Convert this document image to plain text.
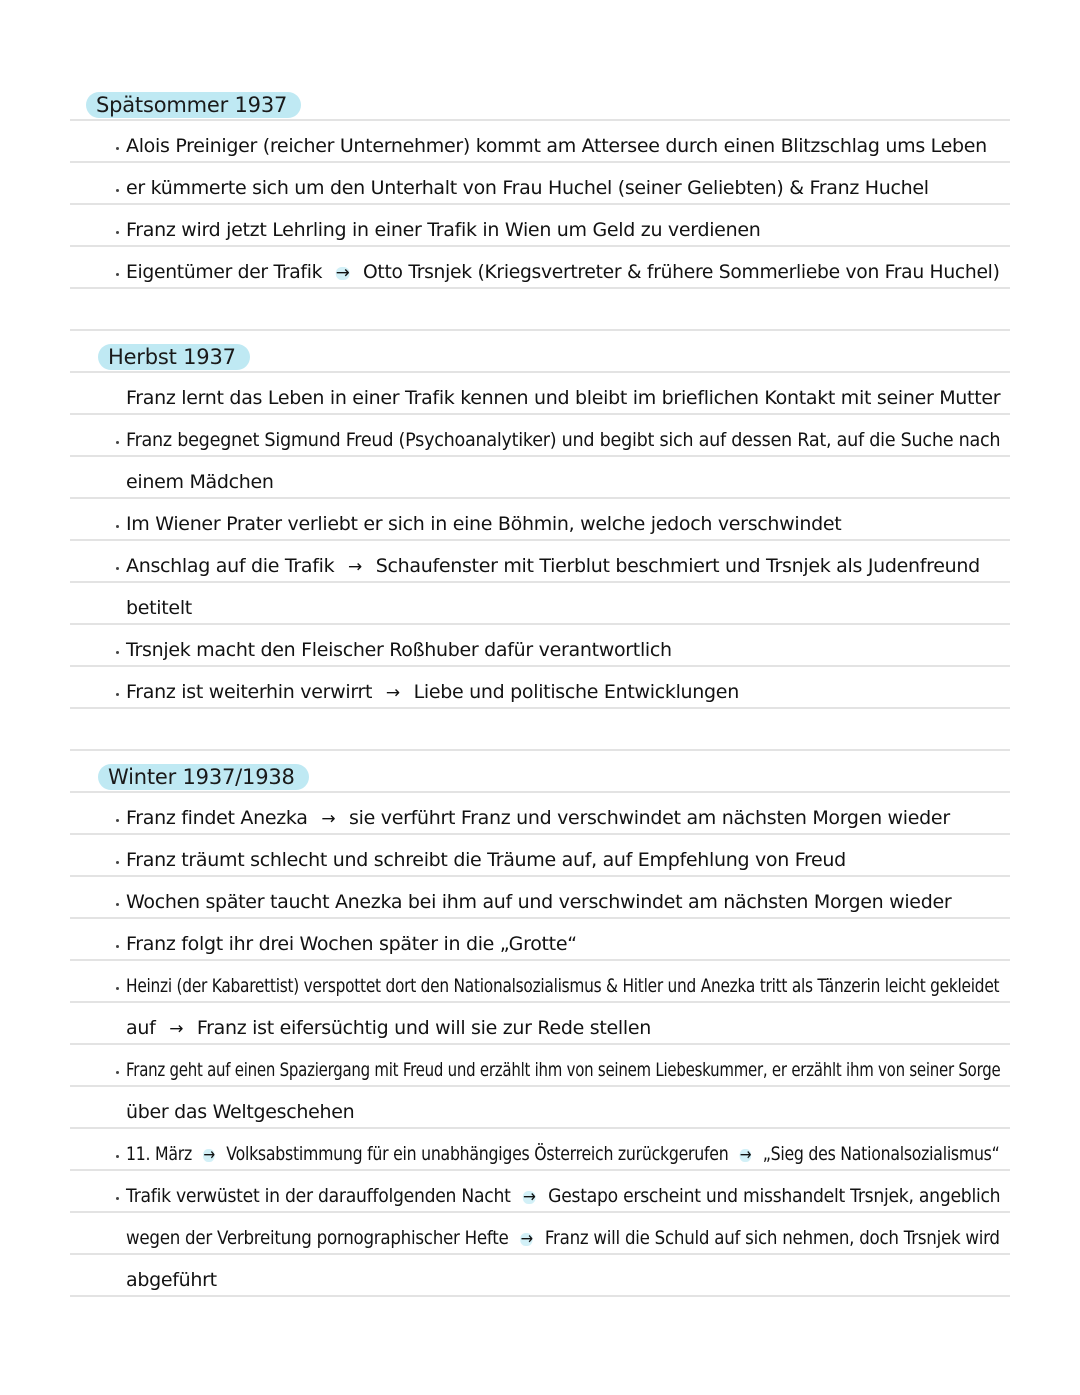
Spätsommer 1937
Alois Preiniger (reicher Unternehmer) kommt am Attersee durch einen Blitzschlag ums Leben
er kümmerte sich um den Unterhalt von Frau Huchel (seiner Geliebten) & Franz Huchel
Franz wird jetzt Lehrling in einer Trafik in Wien um Geld zu verdienen
Eigentümer der Trafik → Otto Trsnjek (Kriegsvertreter & frühere Sommerliebe von Frau Huchel)
Herbst 1937
Franz lernt das Leben in einer Trafik kennen und bleibt im brieflichen Kontakt mit seiner Mutter
Franz begegnet Sigmund Freud (Psychoanalytiker) und begibt sich auf dessen Rat, auf die Suche nach
einem Mädchen
Im Wiener Prater verliebt er sich in eine Böhmin, welche jedoch verschwindet
Anschlag auf die Trafik → Schaufenster mit Tierblut beschmiert und Trsnjek als Judenfreund
betitelt
Trsnjek macht den Fleischer Roßhuber dafür verantwortlich
Franz ist weiterhin verwirrt → Liebe und politische Entwicklungen
Winter 1937/1938
Franz findet Anezka → sie verführt Franz und verschwindet am nächsten Morgen wieder
Franz träumt schlecht und schreibt die Träume auf, auf Empfehlung von Freud
Wochen später taucht Anezka bei ihm auf und verschwindet am nächsten Morgen wieder
Franz folgt ihr drei Wochen später in die „Grotte“
Heinzi (der Kabarettist) verspottet dort den Nationalsozialismus & Hitler und Anezka tritt als Tänzerin leicht gekleidet
auf → Franz ist eifersüchtig und will sie zur Rede stellen
Franz geht auf einen Spaziergang mit Freud und erzählt ihm von seinem Liebeskummer, er erzählt ihm von seiner Sorge
über das Weltgeschehen
11. März → Volksabstimmung für ein unabhängiges Österreich zurückgerufen → „Sieg des Nationalsozialismus“
Trafik verwüstet in der darauffolgenden Nacht → Gestapo erscheint und misshandelt Trsnjek, angeblich
wegen der Verbreitung pornographischer Hefte → Franz will die Schuld auf sich nehmen, doch Trsnjek wird
abgeführt
